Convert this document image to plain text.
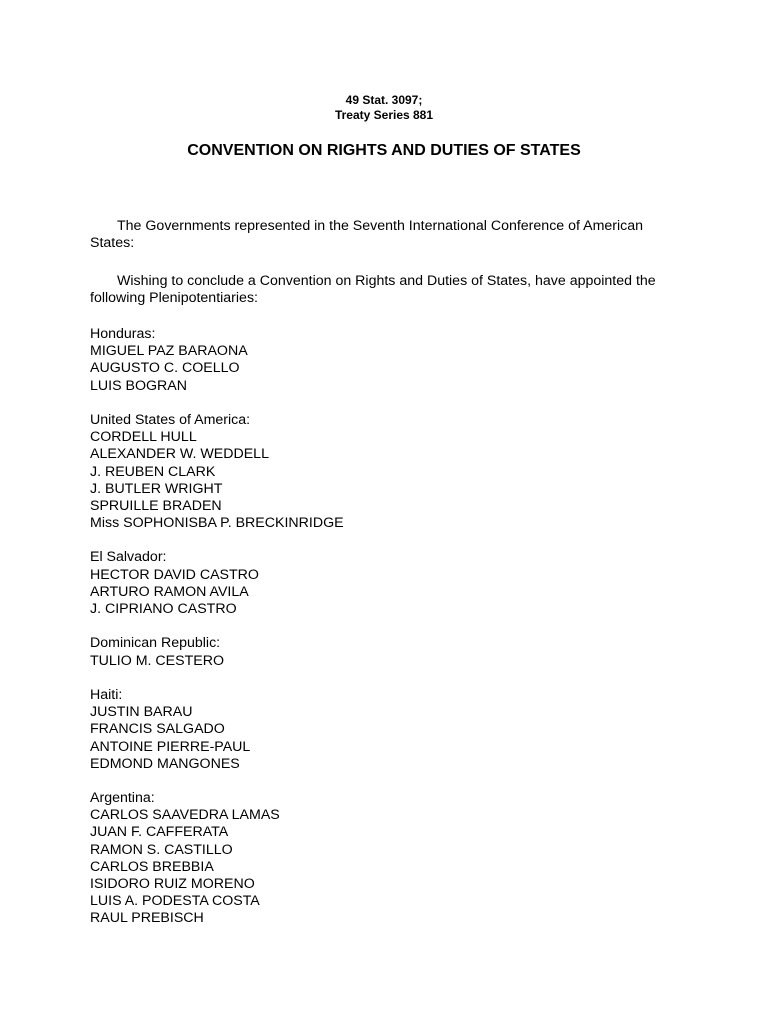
49 Stat. 3097;
Treaty Series 881
CONVENTION ON RIGHTS AND DUTIES OF STATES
The Governments represented in the Seventh International Conference of American
States:
Wishing to conclude a Convention on Rights and Duties of States, have appointed the
following Plenipotentiaries:
Honduras:
MIGUEL PAZ BARAONA
AUGUSTO C. COELLO
LUIS BOGRAN
United States of America:
CORDELL HULL
ALEXANDER W. WEDDELL
J. REUBEN CLARK
J. BUTLER WRIGHT
SPRUILLE BRADEN
Miss SOPHONISBA P. BRECKINRIDGE
El Salvador:
HECTOR DAVID CASTRO
ARTURO RAMON AVILA
J. CIPRIANO CASTRO
Dominican Republic:
TULIO M. CESTERO
Haiti:
JUSTIN BARAU
FRANCIS SALGADO
ANTOINE PIERRE-PAUL
EDMOND MANGONES
Argentina:
CARLOS SAAVEDRA LAMAS
JUAN F. CAFFERATA
RAMON S. CASTILLO
CARLOS BREBBIA
ISIDORO RUIZ MORENO
LUIS A. PODESTA COSTA
RAUL PREBISCH
